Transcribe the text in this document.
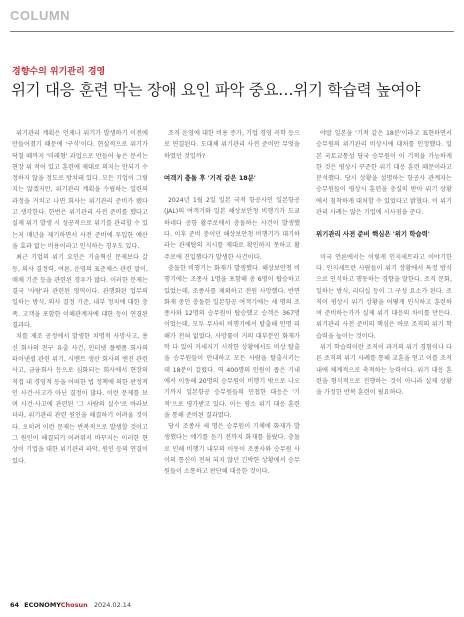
COLUMN
경향수의 위기관리 경영
위기 대응 훈련 막는 장애 요인 파악 중요…위기 학습력 높여야

위기관리 계획은 언제나 위기가 발생하기 이전에 만들어졌기 때문에 '구식'이다. 현실적으로 위기가 닥칠 때까지 '미래형' 과업으로 만들어 놓은 문서는 현장 위 적어 있고 훈련에 제대로 의지는 안되기 수정하지 않을 정도로 방치돼 있다. 모든 기업이 그렇지는 않겠지만, 위기관리 계획을 수립하는 일련의 과정을 거치고 나면 회사는 위기관리 준비가 됐다고 생각한다. 한번은 위기관리 사전 준비를 했다고 실제 위기 발생 시 성공적으로 위기를 관리할 수 있는지 매년을 제기하면서 사전 준비에 투입한 예산을 효과 없는 비용이라고 인식하는 경우도 있다.

최근 기업의 위기 요인은 기술혁신 문제보다 갈등, 의사 결정력, 여론, 운영의 표준체스 관련 말이, 매체 기준 등을 관련된 경우가 많다. 이러한 문제는 결국 '사람'과 관련된 영역이다. 관행화된 업무의 일하는 방식, 의사 결정 기준, 내부 정치에 대한 충족. 고객을 포함한 이해관계자에 대한 등이 연결된 결과다.

치를 제조 공정에서 발생한 치명적 사망사고, 용신 회사의 친구 유출 사건, 인터넷 플랫폼 회사의 파이낸셜 관련 위기, 시멘트 생산 회사의 엔진 관련 사고, 금융회사 등으로 심화되는 회사에서 현장의 직접 내 경영적 등을 어떠한 법 정책에 의한 판정적인 사건·사고가 아닌 결정이 많다. 이런 문제를 보며 사건·사고에 관련된 '그 사람의 실수'로 바라보더라, 위기관리 관련 원인을 해결하기 어려울 것이다. 오히려 이런 문제는 반복적으로 발생할 것이고 그 원인이 해결되기 어려워서 바꾸지는 이러한 현상이 기업을 대한 위기관리 파악, 원인 등의 연결이 있다.

조직 운영에 대한 비용 증가, 기업 경영 곡학 등으로 연결된다. 도대체 위기관리 사전 준비만 무엇을 하였던 것일까?

여객기 충돌 후 '기적 같은 18분'

2024년 1월 2일 일본 국적 항공사인 일본항공(JAL)의 여객기와 일본 해상보안청 비행기가 도쿄 하네다 공항 활주로에서 충돌하는 사건이 발생했다. 이후 준비 중이던 해상보안청 비행기가 대기하라는 관제탑의 지시를 제대로 확인하지 못하고 활주로에 진입했다가 발생한 사건이다.

충돌한 비행기는 화재가 발생했다. 해상보안청 비행기에는 조종사 1명을 포함해 총 6명이 탑승하고 있었는데, 조종사를 제외하고 전원 사망했다. 반면 화재 중인 충돌한 일본항공 여객기에는 세 명의 조종사와 12명의 승무원이 탑승했고 승객은 367명이었는데, 모두 무사히 비행기에서 탈출해 인명 피해가 전혀 없었다. 사망률이 거의 대부분인 화재가 막 다 있어 거세지기 시작한 상황에서도 비상 탈출을 승무원들이 안내하고 모든 사람을 탈출시키는 데 18분이 걸렸다. 역 400명의 인원이 좁은 기내에서 이동해 20명의 승무원이 비행기 밖으로 나오기까지 일본항공 승무원들의 민첩한 대응은 '기적'으로 평가받고 있다. 이는 평소 위기 대응 훈련을 통해 준비된 결과였다.

당시 조종사 세 명은 승무원이 기체에 화재가 발생했다는 얘기를 듣기 전까지 화재를 몰랐다. 충돌로 인해 비행기 내부의 이동이 조종사와 승무원 사이의 통신이 전혀 되지 않던 긴박한 상황에서 승무원들이 소통하고 판단해 대응한 것이다.

야말 일본을 '기적 같은 18분'이라고 표현하면서 승무원의 위기관리 비상시에 대처를 인정했다. 일본 국토교통성 당국 승무원이 이 기적을 가능하게 한 것은 평상시 꾸준한 위기 대응 훈련 때문이라고 분석했다. 당시 상황을 설명하는 항공사 관계자는 승무원들이 평상시 훈련을 충실히 받아 위기 상황에서 침착하게 대처할 수 있었다고 밝혔다. 이 위기관리 사례는 많은 기업에 시사점을 준다.

위기관리 사전 준비 핵심은 '위기 학습력'

미국 언론에서는 이렇게 인지세트라고 이야기한다. 인지세트란 사람들이 위기 상황에서 특정 방식으로 인식하고 행동하는 경향을 말한다. 조직 문화, 일하는 방식, 리더십 등이 그 구성 요소가 된다. 조직이 평상시 위기 상황을 어떻게 인식하고 훈련하며 준비하는가가 실제 위기 대응의 차이를 만든다. 위기관리 사전 준비의 핵심은 바로 조직의 위기 학습력을 높이는 것이다.

위기 학습력이란 조직이 과거의 위기 경험이나 다른 조직의 위기 사례를 통해 교훈을 얻고 이를 조직 내에 체계적으로 축적하는 능력이다. 위기 대응 훈련을 형식적으로 진행하는 것이 아니라 실제 상황을 가정한 반복 훈련이 필요하다.

64 ECONOMYChosun 2024.02.14
